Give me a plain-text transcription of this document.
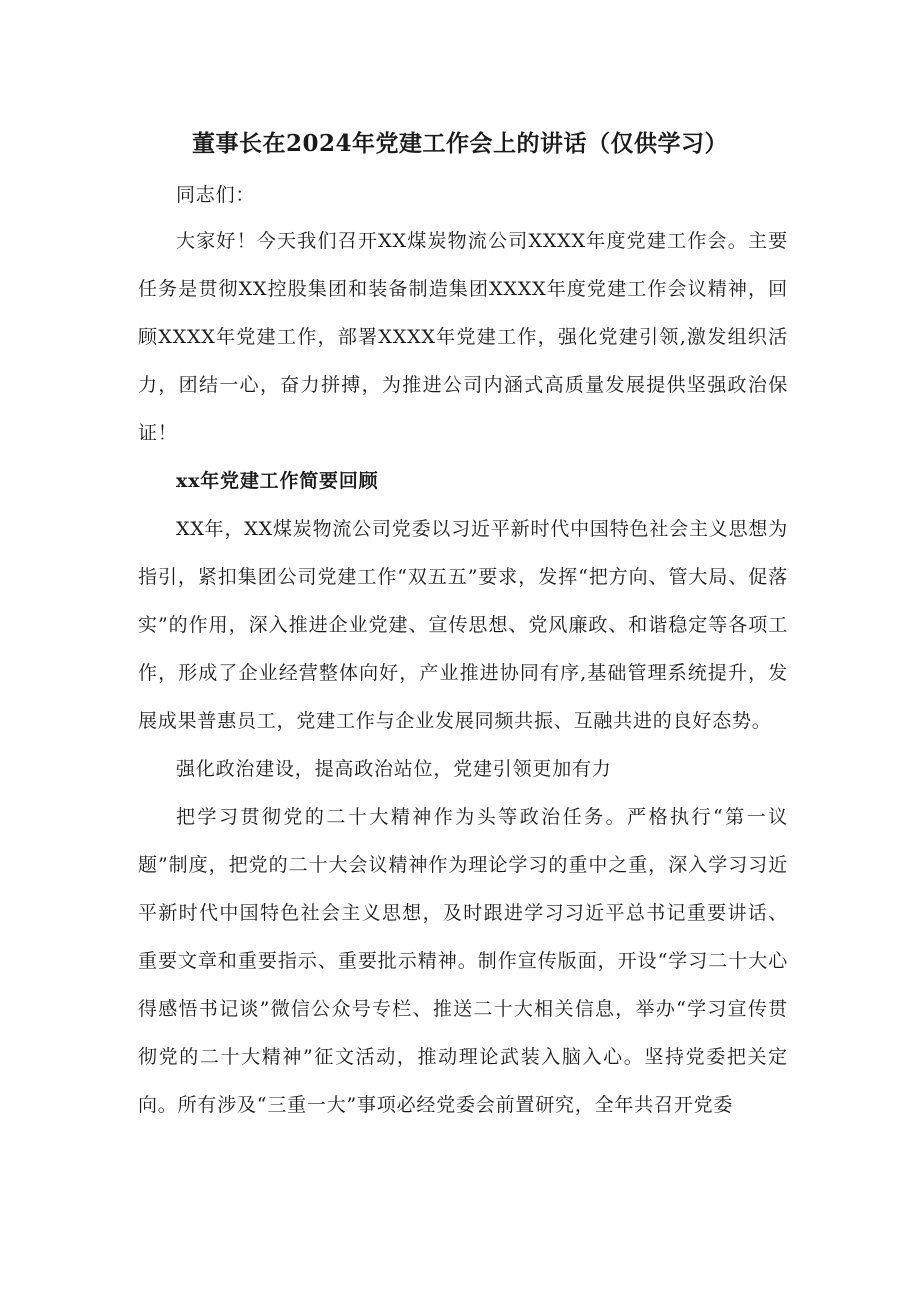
董事长在2024年党建工作会上的讲话（仅供学习）

同志们：

大家好！今天我们召开XX煤炭物流公司XXXX年度党建工作会。主要任务是贯彻XX控股集团和装备制造集团XXXX年度党建工作会议精神，回顾XXXX年党建工作，部署XXXX年党建工作，强化党建引领,激发组织活力，团结一心，奋力拼搏，为推进公司内涵式高质量发展提供坚强政治保证！

xx年党建工作简要回顾

XX年，XX煤炭物流公司党委以习近平新时代中国特色社会主义思想为指引，紧扣集团公司党建工作“双五五”要求，发挥“把方向、管大局、促落实”的作用，深入推进企业党建、宣传思想、党风廉政、和谐稳定等各项工作，形成了企业经营整体向好，产业推进协同有序,基础管理系统提升，发展成果普惠员工，党建工作与企业发展同频共振、互融共进的良好态势。

强化政治建设，提高政治站位，党建引领更加有力

把学习贯彻党的二十大精神作为头等政治任务。严格执行“第一议题”制度，把党的二十大会议精神作为理论学习的重中之重，深入学习习近平新时代中国特色社会主义思想，及时跟进学习习近平总书记重要讲话、重要文章和重要指示、重要批示精神。制作宣传版面，开设“学习二十大心得感悟书记谈”微信公众号专栏、推送二十大相关信息，举办“学习宣传贯彻党的二十大精神”征文活动，推动理论武装入脑入心。坚持党委把关定向。所有涉及“三重一大”事项必经党委会前置研究，全年共召开党委
